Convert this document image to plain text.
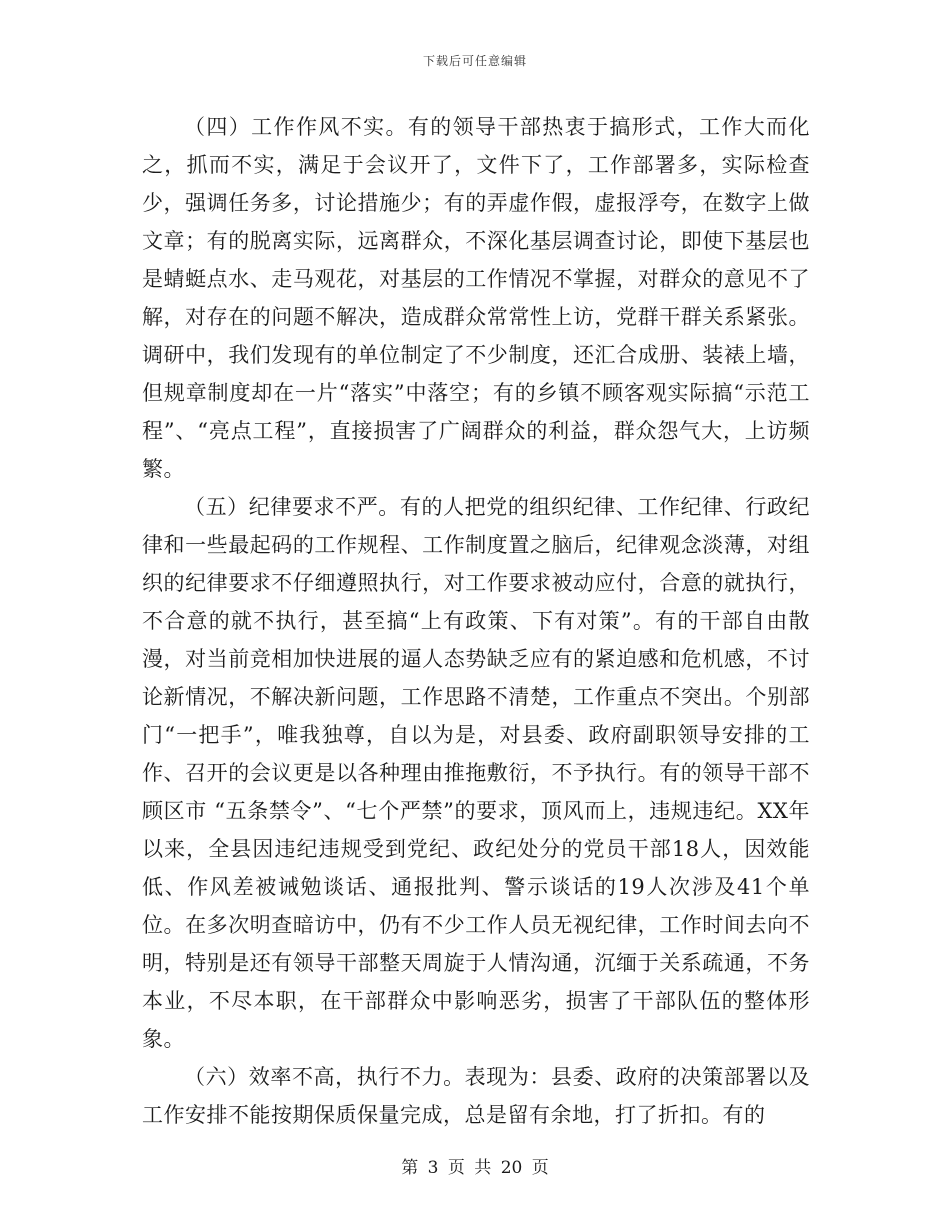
下载后可任意编辑

（四）工作作风不实。有的领导干部热衷于搞形式，工作大而化之，抓而不实，满足于会议开了，文件下了，工作部署多，实际检查少，强调任务多，讨论措施少；有的弄虚作假，虚报浮夸，在数字上做文章；有的脱离实际，远离群众，不深化基层调查讨论，即使下基层也是蜻蜓点水、走马观花，对基层的工作情况不掌握，对群众的意见不了解，对存在的问题不解决，造成群众常常性上访，党群干群关系紧张。调研中，我们发现有的单位制定了不少制度，还汇合成册、装裱上墙，但规章制度却在一片“落实”中落空；有的乡镇不顾客观实际搞“示范工程”、“亮点工程”，直接损害了广阔群众的利益，群众怨气大，上访频繁。

（五）纪律要求不严。有的人把党的组织纪律、工作纪律、行政纪律和一些最起码的工作规程、工作制度置之脑后，纪律观念淡薄，对组织的纪律要求不仔细遵照执行，对工作要求被动应付，合意的就执行，不合意的就不执行，甚至搞“上有政策、下有对策”。有的干部自由散漫，对当前竞相加快进展的逼人态势缺乏应有的紧迫感和危机感，不讨论新情况，不解决新问题，工作思路不清楚，工作重点不突出。个别部门“一把手”，唯我独尊，自以为是，对县委、政府副职领导安排的工作、召开的会议更是以各种理由推拖敷衍，不予执行。有的领导干部不顾区市 “五条禁令”、“七个严禁”的要求，顶风而上，违规违纪。XX年以来，全县因违纪违规受到党纪、政纪处分的党员干部18人，因效能低、作风差被诫勉谈话、通报批判、警示谈话的19人次涉及41个单位。在多次明查暗访中，仍有不少工作人员无视纪律，工作时间去向不明，特别是还有领导干部整天周旋于人情沟通，沉缅于关系疏通，不务本业，不尽本职，在干部群众中影响恶劣，损害了干部队伍的整体形象。

（六）效率不高，执行不力。表现为：县委、政府的决策部署以及工作安排不能按期保质保量完成，总是留有余地，打了折扣。有的

第 3 页 共 20 页
